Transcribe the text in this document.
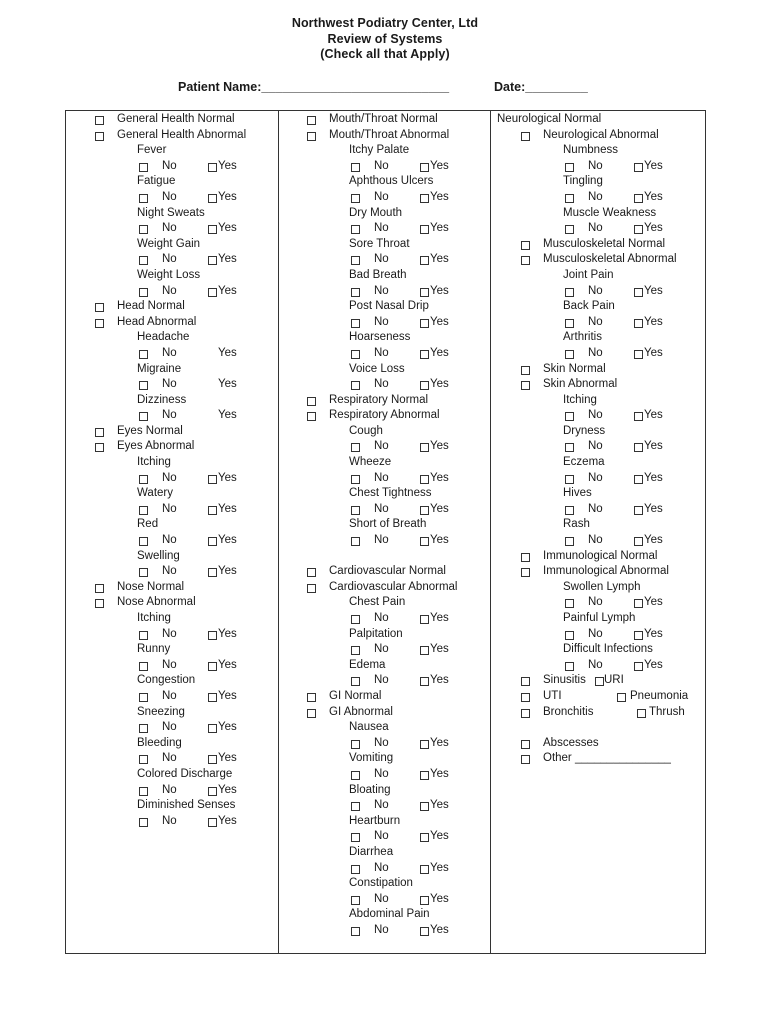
Northwest Podiatry Center, Ltd
Review of Systems
(Check all that Apply)
Patient Name:___________________________	Date:_________
General Health Normal
General Health Abnormal
Fever
No	Yes
Fatigue
No	Yes
Night Sweats
No	Yes
Weight Gain
No	Yes
Weight Loss
No	Yes
Head Normal
Head Abnormal
Headache
No	Yes
Migraine
No	Yes
Dizziness
No	Yes
Eyes Normal
Eyes Abnormal
Itching
No	Yes
Watery
No	Yes
Red
No	Yes
Swelling
No	Yes
Nose Normal
Nose Abnormal
Itching
No	Yes
Runny
No	Yes
Congestion
No	Yes
Sneezing
No	Yes
Bleeding
No	Yes
Colored Discharge
No	Yes
Diminished Senses
No	Yes
Mouth/Throat Normal
Mouth/Throat Abnormal
Itchy Palate
No	Yes
Aphthous Ulcers
No	Yes
Dry Mouth
No	Yes
Sore Throat
No	Yes
Bad Breath
No	Yes
Post Nasal Drip
No	Yes
Hoarseness
No	Yes
Voice Loss
No	Yes
Respiratory Normal
Respiratory Abnormal
Cough
No	Yes
Wheeze
No	Yes
Chest Tightness
No	Yes
Short of Breath
No	Yes
Cardiovascular Normal
Cardiovascular Abnormal
Chest Pain
No	Yes
Palpitation
No	Yes
Edema
No	Yes
GI Normal
GI Abnormal
Nausea
No	Yes
Vomiting
No	Yes
Bloating
No	Yes
Heartburn
No	Yes
Diarrhea
No	Yes
Constipation
No	Yes
Abdominal Pain
No	Yes
Neurological Normal
Neurological Abnormal
Numbness
No	Yes
Tingling
No	Yes
Muscle Weakness
No	Yes
Musculoskeletal Normal
Musculoskeletal Abnormal
Joint Pain
No	Yes
Back Pain
No	Yes
Arthritis
No	Yes
Skin Normal
Skin Abnormal
Itching
No	Yes
Dryness
No	Yes
Eczema
No	Yes
Hives
No	Yes
Rash
No	Yes
Immunological Normal
Immunological Abnormal
Swollen Lymph
No	Yes
Painful Lymph
No	Yes
Difficult Infections
No	Yes
Sinusitis URI
UTI	Pneumonia
Bronchitis	Thrush
Abscesses
Other _______________
